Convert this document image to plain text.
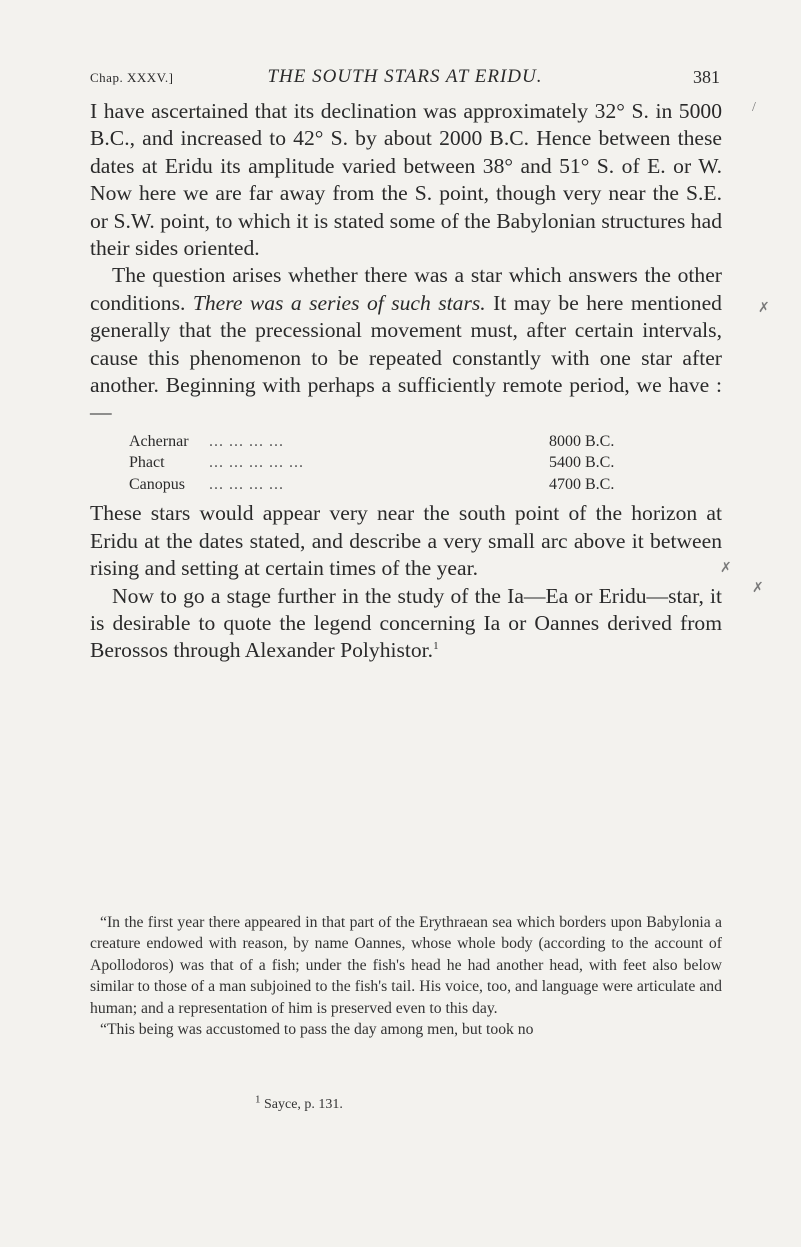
Chap. XXXV.]	THE SOUTH STARS AT ERIDU.	381

I have ascertained that its declination was approximately 32° S. in 5000 B.C., and increased to 42° S. by about 2000 B.C. Hence between these dates at Eridu its amplitude varied between 38° and 51° S. of E. or W. Now here we are far away from the S. point, though very near the S.E. or S.W. point, to which it is stated some of the Babylonian structures had their sides oriented.

The question arises whether there was a star which answers the other conditions. There was a series of such stars. It may be here mentioned generally that the precessional movement must, after certain intervals, cause this phenomenon to be repeated constantly with one star after another. Beginning with perhaps a sufficiently remote period, we have :—

Achernar	... ... ... ...	8000 B.C.
Phact	... ... ... ... ...	5400 B.C.
Canopus	... ... ... ...	4700 B.C.

These stars would appear very near the south point of the horizon at Eridu at the dates stated, and describe a very small arc above it between rising and setting at certain times of the year.

Now to go a stage further in the study of the Ia—Ea or Eridu—star, it is desirable to quote the legend concerning Ia or Oannes derived from Berossos through Alexander Polyhistor.$^1$

“In the first year there appeared in that part of the Erythraean sea which borders upon Babylonia a creature endowed with reason, by name Oannes, whose whole body (according to the account of Apollodoros) was that of a fish; under the fish's head he had another head, with feet also below similar to those of a man subjoined to the fish's tail. His voice, too, and language were articulate and human; and a representation of him is preserved even to this day.

“This being was accustomed to pass the day among men, but took no

$^1$ Sayce, p. 131.
/
✗
✗
✗
